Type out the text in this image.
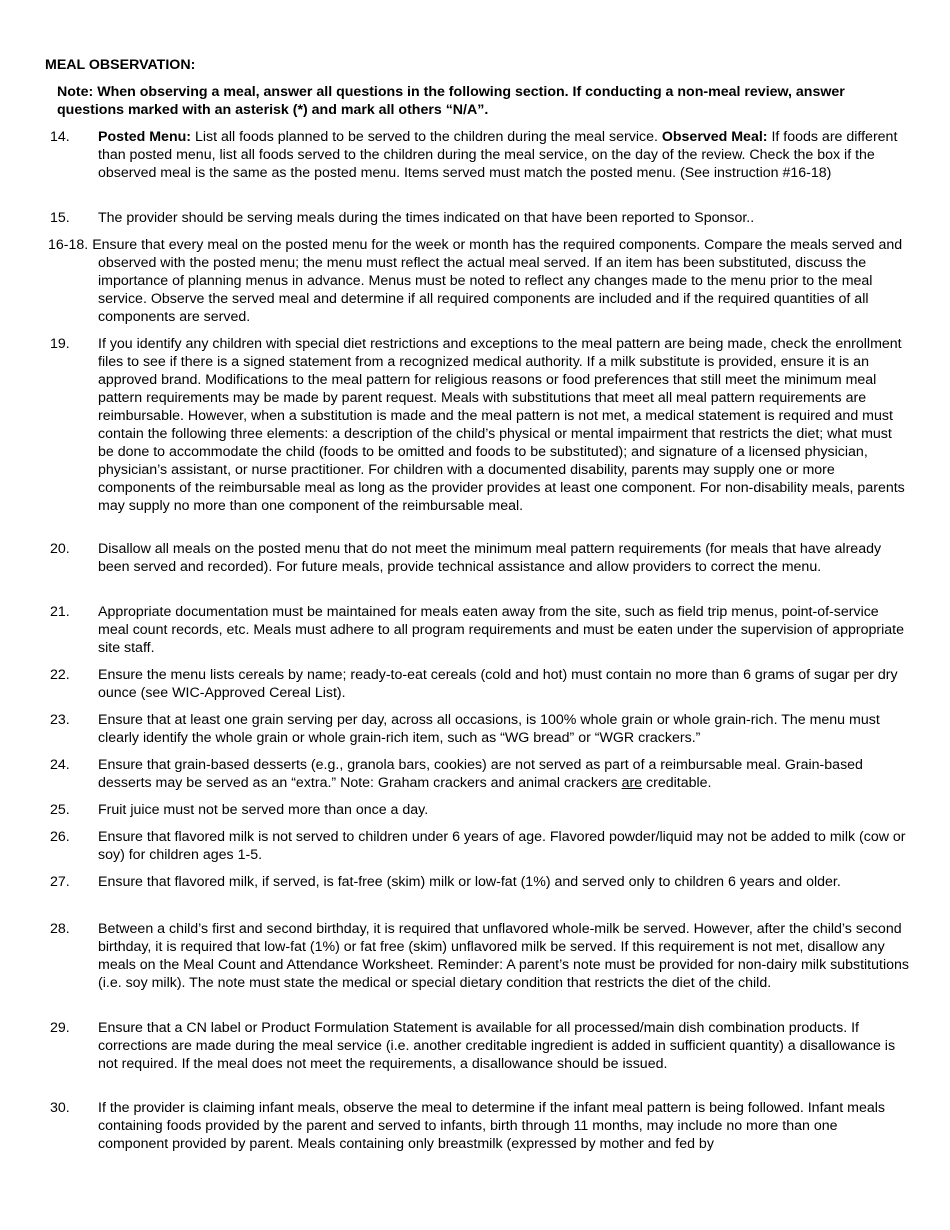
MEAL OBSERVATION:
Note: When observing a meal, answer all questions in the following section. If conducting a non-meal review, answer questions marked with an asterisk (*) and mark all others “N/A”.
14. Posted Menu: List all foods planned to be served to the children during the meal service. Observed Meal: If foods are different than posted menu, list all foods served to the children during the meal service, on the day of the review. Check the box if the observed meal is the same as the posted menu. Items served must match the posted menu. (See instruction #16-18)
15. The provider should be serving meals during the times indicated on that have been reported to Sponsor..
16-18. Ensure that every meal on the posted menu for the week or month has the required components. Compare the meals served and observed with the posted menu; the menu must reflect the actual meal served. If an item has been substituted, discuss the importance of planning menus in advance. Menus must be noted to reflect any changes made to the menu prior to the meal service. Observe the served meal and determine if all required components are included and if the required quantities of all components are served.
19. If you identify any children with special diet restrictions and exceptions to the meal pattern are being made, check the enrollment files to see if there is a signed statement from a recognized medical authority. If a milk substitute is provided, ensure it is an approved brand. Modifications to the meal pattern for religious reasons or food preferences that still meet the minimum meal pattern requirements may be made by parent request. Meals with substitutions that meet all meal pattern requirements are reimbursable. However, when a substitution is made and the meal pattern is not met, a medical statement is required and must contain the following three elements: a description of the child’s physical or mental impairment that restricts the diet; what must be done to accommodate the child (foods to be omitted and foods to be substituted); and signature of a licensed physician, physician’s assistant, or nurse practitioner. For children with a documented disability, parents may supply one or more components of the reimbursable meal as long as the provider provides at least one component. For non-disability meals, parents may supply no more than one component of the reimbursable meal.
20. Disallow all meals on the posted menu that do not meet the minimum meal pattern requirements (for meals that have already been served and recorded). For future meals, provide technical assistance and allow providers to correct the menu.
21. Appropriate documentation must be maintained for meals eaten away from the site, such as field trip menus, point-of-service meal count records, etc. Meals must adhere to all program requirements and must be eaten under the supervision of appropriate site staff.
22. Ensure the menu lists cereals by name; ready-to-eat cereals (cold and hot) must contain no more than 6 grams of sugar per dry ounce (see WIC-Approved Cereal List).
23. Ensure that at least one grain serving per day, across all occasions, is 100% whole grain or whole grain-rich. The menu must clearly identify the whole grain or whole grain-rich item, such as “WG bread” or “WGR crackers.”
24. Ensure that grain-based desserts (e.g., granola bars, cookies) are not served as part of a reimbursable meal. Grain-based desserts may be served as an “extra.” Note: Graham crackers and animal crackers are creditable.
25. Fruit juice must not be served more than once a day.
26. Ensure that flavored milk is not served to children under 6 years of age. Flavored powder/liquid may not be added to milk (cow or soy) for children ages 1-5.
27. Ensure that flavored milk, if served, is fat-free (skim) milk or low-fat (1%) and served only to children 6 years and older.
28. Between a child’s first and second birthday, it is required that unflavored whole-milk be served. However, after the child’s second birthday, it is required that low-fat (1%) or fat free (skim) unflavored milk be served. If this requirement is not met, disallow any meals on the Meal Count and Attendance Worksheet. Reminder: A parent’s note must be provided for non-dairy milk substitutions (i.e. soy milk). The note must state the medical or special dietary condition that restricts the diet of the child.
29. Ensure that a CN label or Product Formulation Statement is available for all processed/main dish combination products. If corrections are made during the meal service (i.e. another creditable ingredient is added in sufficient quantity) a disallowance is not required. If the meal does not meet the requirements, a disallowance should be issued.
30. If the provider is claiming infant meals, observe the meal to determine if the infant meal pattern is being followed. Infant meals containing foods provided by the parent and served to infants, birth through 11 months, may include no more than one component provided by parent. Meals containing only breastmilk (expressed by mother and fed by
